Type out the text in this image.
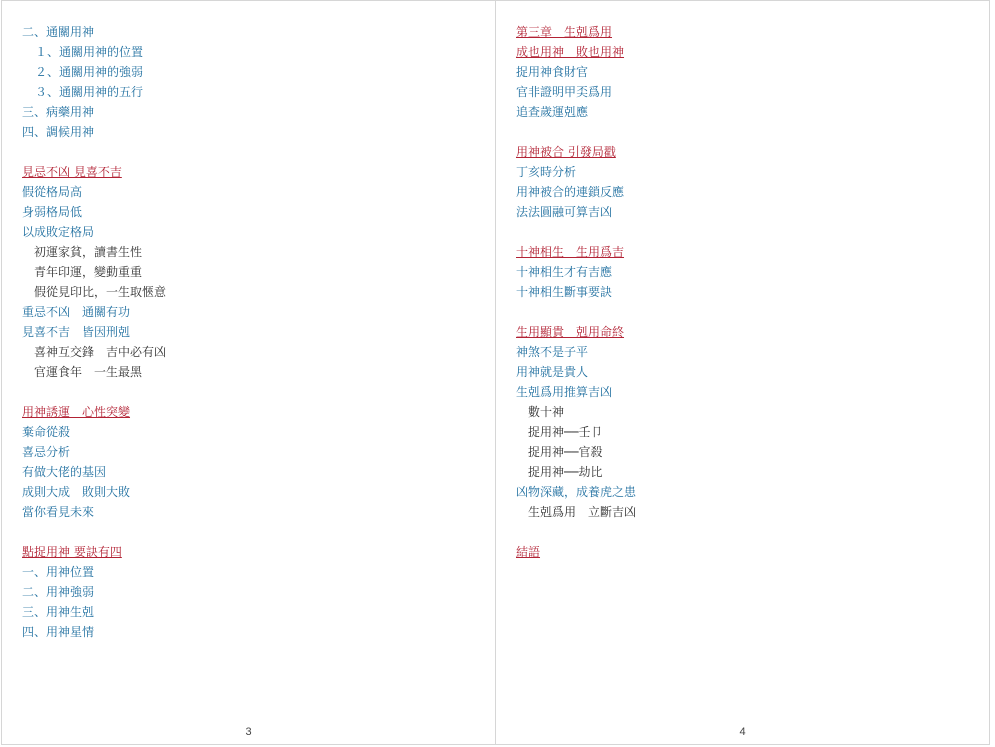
二、通關用神
１、通關用神的位置
２、通關用神的強弱
３、通關用神的五行
三、病藥用神
四、調候用神
見忌不凶 見喜不吉
假從格局高
身弱格局低
以成敗定格局
初運家貧，讀書生性
青年印運，變動重重
假從見印比，一生取愜意
重忌不凶　通關有功
見喜不吉　皆因刑剋
喜神互交鋒　吉中必有凶
官運食年　一生最黑
用神誘運　心性突變
棄命從殺
喜忌分析
有做大佬的基因
成則大成　敗則大敗
當你看見未來
點捉用神 要訣有四
一、用神位置
二、用神強弱
三、用神生剋
四、用神星情
3
第三章　生剋爲用
成也用神　敗也用神
捉用神食財官
官非證明甲奀爲用
追查歲運剋應
用神被合 引發局戳
丁亥時分析
用神被合的連鎖反應
法法圓融可算吉凶
十神相生　生用爲吉
十神相生才有吉應
十神相生斷事要訣
生用顯貴　剋用命終
神煞不是子平
用神就是貴人
生剋爲用推算吉凶
數十神
捉用神──壬卩
捉用神──官殺
捉用神──劫比
凶物深藏，成養虎之患
生剋爲用　立斷吉凶
結語
4
